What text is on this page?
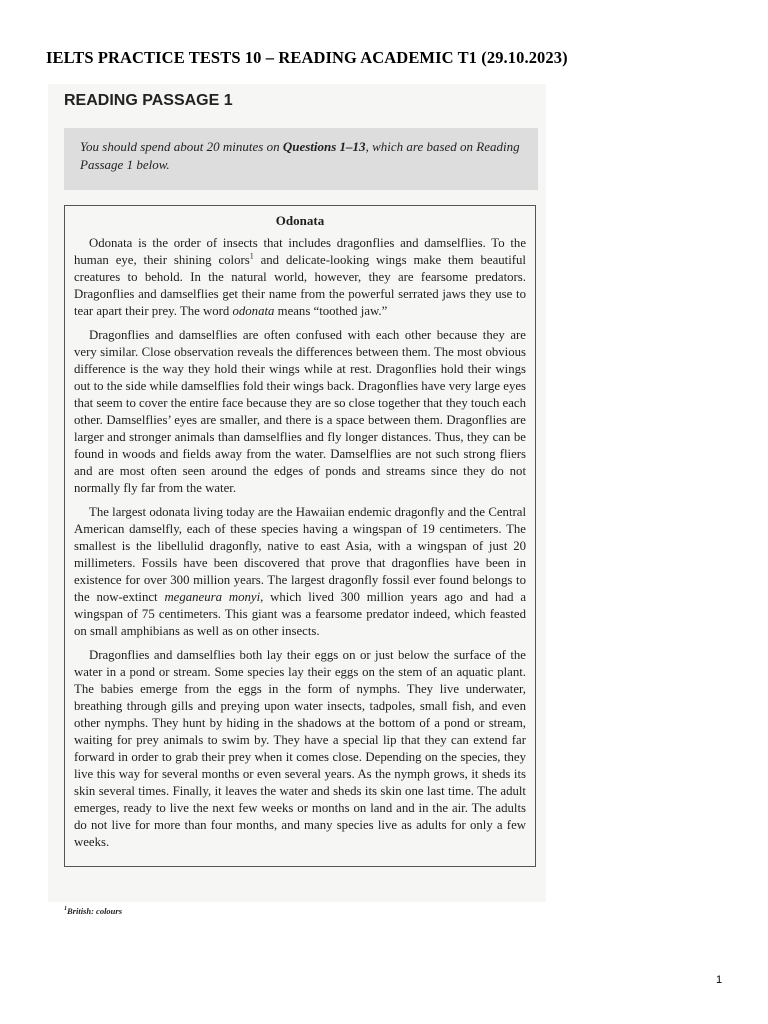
IELTS PRACTICE TESTS 10 – READING ACADEMIC T1 (29.10.2023)
READING PASSAGE 1
You should spend about 20 minutes on Questions 1–13, which are based on Reading Passage 1 below.
Odonata

Odonata is the order of insects that includes dragonflies and damselflies. To the human eye, their shining colors$^1$ and delicate-looking wings make them beautiful creatures to behold. In the natural world, however, they are fearsome predators. Dragonflies and damselflies get their name from the powerful serrated jaws they use to tear apart their prey. The word odonata means “toothed jaw.”

Dragonflies and damselflies are often confused with each other because they are very similar. Close observation reveals the differences between them. The most obvious difference is the way they hold their wings while at rest. Dragonflies hold their wings out to the side while damselflies fold their wings back. Dragonflies have very large eyes that seem to cover the entire face because they are so close together that they touch each other. Damselflies’ eyes are smaller, and there is a space between them. Dragonflies are larger and stronger animals than damselflies and fly longer distances. Thus, they can be found in woods and fields away from the water. Damselflies are not such strong fliers and are most often seen around the edges of ponds and streams since they do not normally fly far from the water.

The largest odonata living today are the Hawaiian endemic dragonfly and the Central American damselfly, each of these species having a wingspan of 19 centimeters. The smallest is the libellulid dragonfly, native to east Asia, with a wingspan of just 20 millimeters. Fossils have been discovered that prove that dragonflies have been in existence for over 300 million years. The largest dragonfly fossil ever found belongs to the now-extinct meganeura monyi, which lived 300 million years ago and had a wingspan of 75 centimeters. This giant was a fearsome predator indeed, which feasted on small amphibians as well as on other insects.

Dragonflies and damselflies both lay their eggs on or just below the surface of the water in a pond or stream. Some species lay their eggs on the stem of an aquatic plant. The babies emerge from the eggs in the form of nymphs. They live underwater, breathing through gills and preying upon water insects, tadpoles, small fish, and even other nymphs. They hunt by hiding in the shadows at the bottom of a pond or stream, waiting for prey animals to swim by. They have a special lip that they can extend far forward in order to grab their prey when it comes close. Depending on the species, they live this way for several months or even several years. As the nymph grows, it sheds its skin several times. Finally, it leaves the water and sheds its skin one last time. The adult emerges, ready to live the next few weeks or months on land and in the air. The adults do not live for more than four months, and many species live as adults for only a few weeks.

$^1$British: colours
1
